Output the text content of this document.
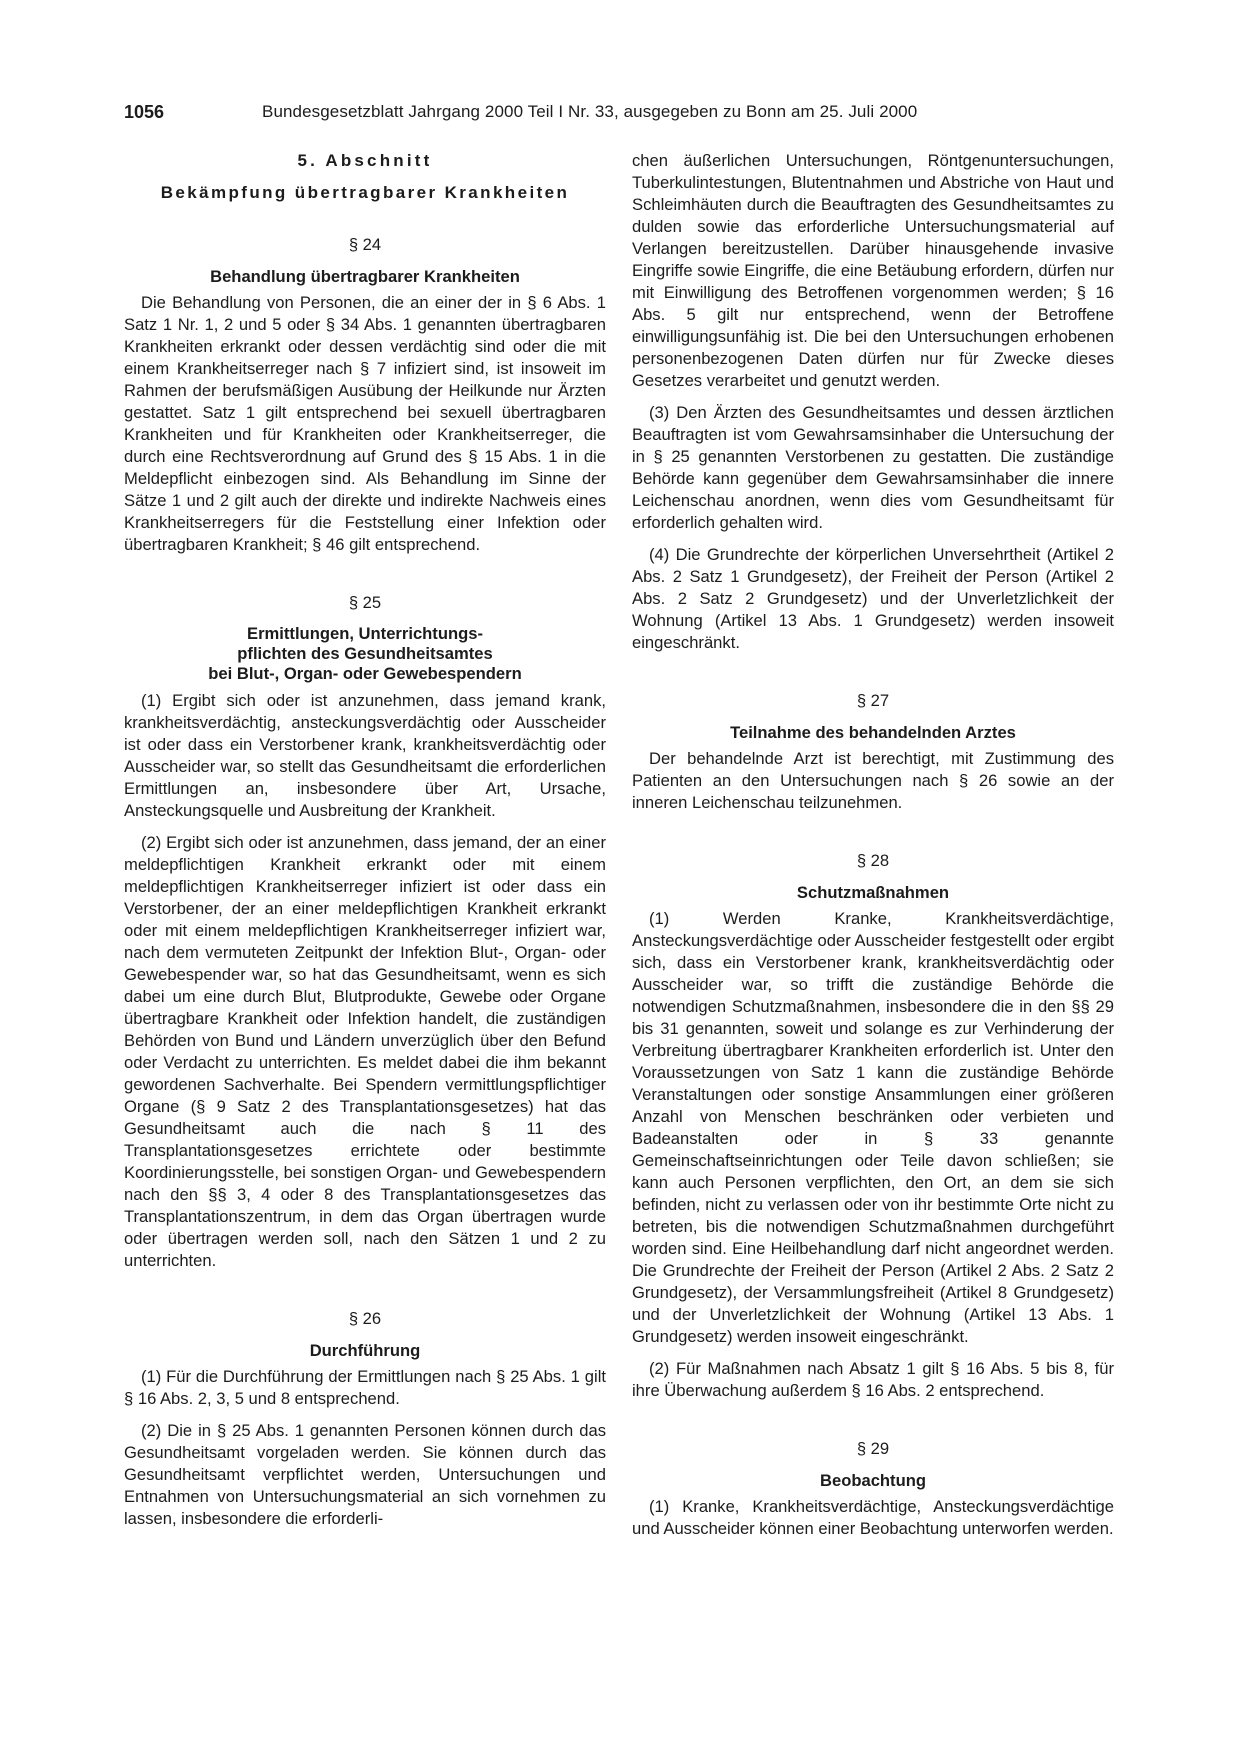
1056	Bundesgesetzblatt Jahrgang 2000 Teil I Nr. 33, ausgegeben zu Bonn am 25. Juli 2000
5. Abschnitt
Bekämpfung übertragbarer Krankheiten
§ 24
Behandlung übertragbarer Krankheiten

Die Behandlung von Personen, die an einer der in § 6 Abs. 1 Satz 1 Nr. 1, 2 und 5 oder § 34 Abs. 1 genannten übertragbaren Krankheiten erkrankt oder dessen verdächtig sind oder die mit einem Krankheitserreger nach § 7 infiziert sind, ist insoweit im Rahmen der berufsmäßigen Ausübung der Heilkunde nur Ärzten gestattet. Satz 1 gilt entsprechend bei sexuell übertragbaren Krankheiten und für Krankheiten oder Krankheitserreger, die durch eine Rechtsverordnung auf Grund des § 15 Abs. 1 in die Meldepflicht einbezogen sind. Als Behandlung im Sinne der Sätze 1 und 2 gilt auch der direkte und indirekte Nachweis eines Krankheitserregers für die Feststellung einer Infektion oder übertragbaren Krankheit; § 46 gilt entsprechend.

§ 25
Ermittlungen, Unterrichtungs-
pflichten des Gesundheitsamtes
bei Blut-, Organ- oder Gewebespendern

(1) Ergibt sich oder ist anzunehmen, dass jemand krank, krankheitsverdächtig, ansteckungsverdächtig oder Ausscheider ist oder dass ein Verstorbener krank, krankheitsverdächtig oder Ausscheider war, so stellt das Gesundheitsamt die erforderlichen Ermittlungen an, insbesondere über Art, Ursache, Ansteckungsquelle und Ausbreitung der Krankheit.

(2) Ergibt sich oder ist anzunehmen, dass jemand, der an einer meldepflichtigen Krankheit erkrankt oder mit einem meldepflichtigen Krankheitserreger infiziert ist oder dass ein Verstorbener, der an einer meldepflichtigen Krankheit erkrankt oder mit einem meldepflichtigen Krankheitserreger infiziert war, nach dem vermuteten Zeitpunkt der Infektion Blut-, Organ- oder Gewebespender war, so hat das Gesundheitsamt, wenn es sich dabei um eine durch Blut, Blutprodukte, Gewebe oder Organe übertragbare Krankheit oder Infektion handelt, die zuständigen Behörden von Bund und Ländern unverzüglich über den Befund oder Verdacht zu unterrichten. Es meldet dabei die ihm bekannt gewordenen Sachverhalte. Bei Spendern vermittlungspflichtiger Organe (§ 9 Satz 2 des Transplantationsgesetzes) hat das Gesundheitsamt auch die nach § 11 des Transplantationsgesetzes errichtete oder bestimmte Koordinierungsstelle, bei sonstigen Organ- und Gewebespendern nach den §§ 3, 4 oder 8 des Transplantationsgesetzes das Transplantationszentrum, in dem das Organ übertragen wurde oder übertragen werden soll, nach den Sätzen 1 und 2 zu unterrichten.

§ 26
Durchführung

(1) Für die Durchführung der Ermittlungen nach § 25 Abs. 1 gilt § 16 Abs. 2, 3, 5 und 8 entsprechend.

(2) Die in § 25 Abs. 1 genannten Personen können durch das Gesundheitsamt vorgeladen werden. Sie können durch das Gesundheitsamt verpflichtet werden, Untersuchungen und Entnahmen von Untersuchungsmaterial an sich vornehmen zu lassen, insbesondere die erforderli-

chen äußerlichen Untersuchungen, Röntgenuntersuchungen, Tuberkulintestungen, Blutentnahmen und Abstriche von Haut und Schleimhäuten durch die Beauftragten des Gesundheitsamtes zu dulden sowie das erforderliche Untersuchungsmaterial auf Verlangen bereitzustellen. Darüber hinausgehende invasive Eingriffe sowie Eingriffe, die eine Betäubung erfordern, dürfen nur mit Einwilligung des Betroffenen vorgenommen werden; § 16 Abs. 5 gilt nur entsprechend, wenn der Betroffene einwilligungsunfähig ist. Die bei den Untersuchungen erhobenen personenbezogenen Daten dürfen nur für Zwecke dieses Gesetzes verarbeitet und genutzt werden.

(3) Den Ärzten des Gesundheitsamtes und dessen ärztlichen Beauftragten ist vom Gewahrsamsinhaber die Untersuchung der in § 25 genannten Verstorbenen zu gestatten. Die zuständige Behörde kann gegenüber dem Gewahrsamsinhaber die innere Leichenschau anordnen, wenn dies vom Gesundheitsamt für erforderlich gehalten wird.

(4) Die Grundrechte der körperlichen Unversehrtheit (Artikel 2 Abs. 2 Satz 1 Grundgesetz), der Freiheit der Person (Artikel 2 Abs. 2 Satz 2 Grundgesetz) und der Unverletzlichkeit der Wohnung (Artikel 13 Abs. 1 Grundgesetz) werden insoweit eingeschränkt.

§ 27
Teilnahme des behandelnden Arztes

Der behandelnde Arzt ist berechtigt, mit Zustimmung des Patienten an den Untersuchungen nach § 26 sowie an der inneren Leichenschau teilzunehmen.

§ 28
Schutzmaßnahmen

(1) Werden Kranke, Krankheitsverdächtige, Ansteckungsverdächtige oder Ausscheider festgestellt oder ergibt sich, dass ein Verstorbener krank, krankheitsverdächtig oder Ausscheider war, so trifft die zuständige Behörde die notwendigen Schutzmaßnahmen, insbesondere die in den §§ 29 bis 31 genannten, soweit und solange es zur Verhinderung der Verbreitung übertragbarer Krankheiten erforderlich ist. Unter den Voraussetzungen von Satz 1 kann die zuständige Behörde Veranstaltungen oder sonstige Ansammlungen einer größeren Anzahl von Menschen beschränken oder verbieten und Badeanstalten oder in § 33 genannte Gemeinschaftseinrichtungen oder Teile davon schließen; sie kann auch Personen verpflichten, den Ort, an dem sie sich befinden, nicht zu verlassen oder von ihr bestimmte Orte nicht zu betreten, bis die notwendigen Schutzmaßnahmen durchgeführt worden sind. Eine Heilbehandlung darf nicht angeordnet werden. Die Grundrechte der Freiheit der Person (Artikel 2 Abs. 2 Satz 2 Grundgesetz), der Versammlungsfreiheit (Artikel 8 Grundgesetz) und der Unverletzlichkeit der Wohnung (Artikel 13 Abs. 1 Grundgesetz) werden insoweit eingeschränkt.

(2) Für Maßnahmen nach Absatz 1 gilt § 16 Abs. 5 bis 8, für ihre Überwachung außerdem § 16 Abs. 2 entsprechend.

§ 29
Beobachtung

(1) Kranke, Krankheitsverdächtige, Ansteckungsverdächtige und Ausscheider können einer Beobachtung unterworfen werden.
